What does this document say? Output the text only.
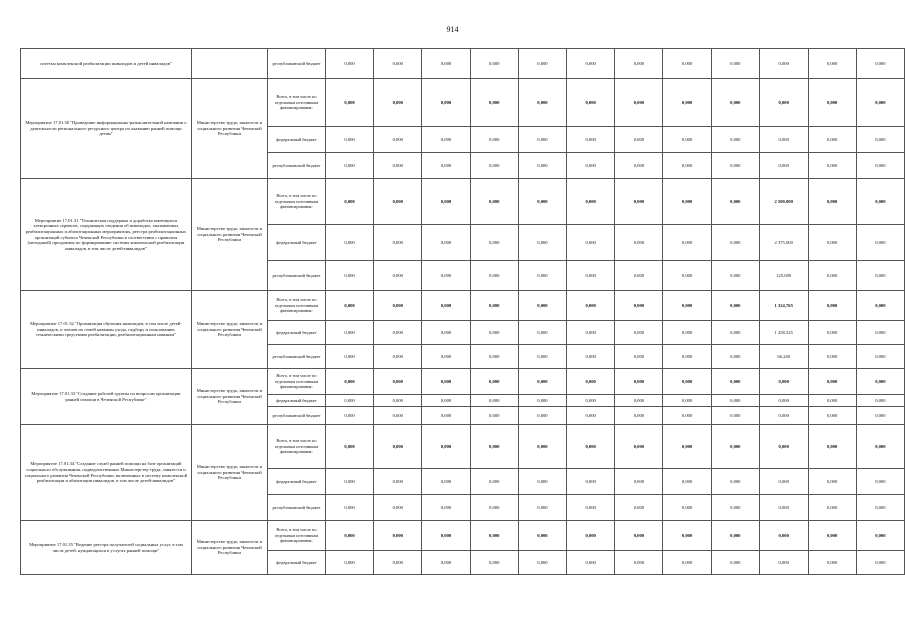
914
ситетьм комплексной реабилитации инвалидов и детей инвалидов"		республиканский бюджет	0,000	0,000	0,000	0,000	0,000	0,000	0,000	0,000	0,000	0,000	0,000	0,000
Мероприятие 17.01.30 "Проведение информационно-разъяснительной кампании о деятельности регионального ресурсного центра по оказанию ранней помощи детям"	Министерство труда, занятости и социального развития Чеченской Республики	Всего, в том числе по отдельным источникам финансирования:	0,000	0,000	0,000	0,000	0,000	0,000	0,000	0,000	0,000	0,000	0,000	0,000
		федеральный бюджет	0,000	0,000	0,000	0,000	0,000	0,000	0,000	0,000	0,000	0,000	0,000	0,000
		республиканский бюджет	0,000	0,000	0,000	0,000	0,000	0,000	0,000	0,000	0,000	0,000	0,000	0,000
Мероприятие 17.01.31 "Техническая поддержка и доработка имеющихся электронных сервисов, содержащих сведения об инвалидах, оказываемых реабилитационных и абилитационных мероприятиях, реестра реабилитационных организаций субъекта Чеченской Республики в соответствии с правилом (методикой) программы по формированию системы комплексной реабилитации инвалидов, в том числе детей-инвалидов"	Министерство труда, занятости и социального развития Чеченской Республики	Всего, в том числе по отдельным источникам финансирования:	0,000	0,000	0,000	0,000	0,000	0,000	0,000	0,000	0,000	2 500,000	0,000	0,000
		федеральный бюджет	0,000	0,000	0,000	0,000	0,000	0,000	0,000	0,000	0,000	2 375,000	0,000	0,000
		республиканский бюджет	0,000	0,000	0,000	0,000	0,000	0,000	0,000	0,000	0,000	125,000	0,000	0,000
Мероприятие 17.01.32 "Организация обучения инвалидов, в том числе детей-инвалидов, и членов их семей навыкам ухода, подбору и пользованию техническими средствами реабилитации, реабилитационным навыкам"	Министерство труда, занятости и социального развития Чеченской Республики	Всего, в том числе по отдельным источникам финансирования:	0,000	0,000	0,000	0,000	0,000	0,000	0,000	0,000	0,000	1 324,765	0,000	0,000
		федеральный бюджет	0,000	0,000	0,000	0,000	0,000	0,000	0,000	0,000	0,000	1 258,525	0,000	0,000
		республиканский бюджет	0,000	0,000	0,000	0,000	0,000	0,000	0,000	0,000	0,000	66,240	0,000	0,000
Мероприятие 17.01.33 "Создание рабочей группы по вопросам организации ранней помощи в Чеченской Республике"	Министерство труда, занятости и социального развития Чеченской Республики	Всего, в том числе по отдельным источникам финансирования:	0,000	0,000	0,000	0,000	0,000	0,000	0,000	0,000	0,000	0,000	0,000	0,000
		федеральный бюджет	0,000	0,000	0,000	0,000	0,000	0,000	0,000	0,000	0,000	0,000	0,000	0,000
		республиканский бюджет	0,000	0,000	0,000	0,000	0,000	0,000	0,000	0,000	0,000	0,000	0,000	0,000
Мероприятие 17.01.34 "Создание служб ранней помощи на базе организаций социального обслуживания, подведомственных Министерству труда, занятости и социального развития Чеченской Республики, включенных в систему комплексной реабилитации и абилитации инвалидов, в том числе детей-инвалидов"	Министерство труда, занятости и социального развития Чеченской Республики	Всего, в том числе по отдельным источникам финансирования:	0,000	0,000	0,000	0,000	0,000	0,000	0,000	0,000	0,000	0,000	0,000	0,000
		федеральный бюджет	0,000	0,000	0,000	0,000	0,000	0,000	0,000	0,000	0,000	0,000	0,000	0,000
		республиканский бюджет	0,000	0,000	0,000	0,000	0,000	0,000	0,000	0,000	0,000	0,000	0,000	0,000
Мероприятие 17.01.35 "Ведение реестра получателей социальных услуг, в том числе детей, нуждающихся в услугах ранней помощи"	Министерство труда, занятости и социального развития Чеченской Республики	Всего, в том числе по отдельным источникам финансирования:	0,000	0,000	0,000	0,000	0,000	0,000	0,000	0,000	0,000	0,000	0,000	0,000
		федеральный бюджет	0,000	0,000	0,000	0,000	0,000	0,000	0,000	0,000	0,000	0,000	0,000	0,000
